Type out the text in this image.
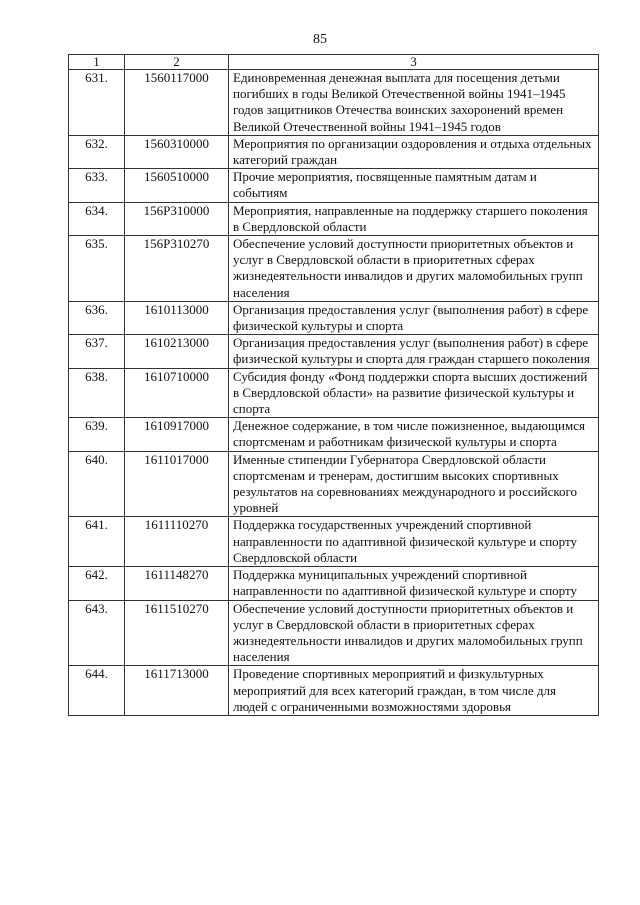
85
1	2	3
631.	1560117000	Единовременная денежная выплата для посещения детьми погибших в годы Великой Отечественной войны 1941–1945 годов защитников Отечества воинских захоронений времен Великой Отечественной войны 1941–1945 годов
632.	1560310000	Мероприятия по организации оздоровления и отдыха отдельных категорий граждан
633.	1560510000	Прочие мероприятия, посвященные памятным датам и событиям
634.	156Р310000	Мероприятия, направленные на поддержку старшего поколения в Свердловской области
635.	156Р310270	Обеспечение условий доступности приоритетных объектов и услуг в Свердловской области в приоритетных сферах жизнедеятельности инвалидов и других маломобильных групп населения
636.	1610113000	Организация предоставления услуг (выполнения работ) в сфере физической культуры и спорта
637.	1610213000	Организация предоставления услуг (выполнения работ) в сфере физической культуры и спорта для граждан старшего поколения
638.	1610710000	Субсидия фонду «Фонд поддержки спорта высших достижений в Свердловской области» на развитие физической культуры и спорта
639.	1610917000	Денежное содержание, в том числе пожизненное, выдающимся спортсменам и работникам физической культуры и спорта
640.	1611017000	Именные стипендии Губернатора Свердловской области спортсменам и тренерам, достигшим высоких спортивных результатов на соревнованиях международного и российского уровней
641.	1611110270	Поддержка государственных учреждений спортивной направленности по адаптивной физической культуре и спорту Свердловской области
642.	1611148270	Поддержка муниципальных учреждений спортивной направленности по адаптивной физической культуре и спорту
643.	1611510270	Обеспечение условий доступности приоритетных объектов и услуг в Свердловской области в приоритетных сферах жизнедеятельности инвалидов и других маломобильных групп населения
644.	1611713000	Проведение спортивных мероприятий и физкультурных мероприятий для всех категорий граждан, в том числе для людей с ограниченными возможностями здоровья
